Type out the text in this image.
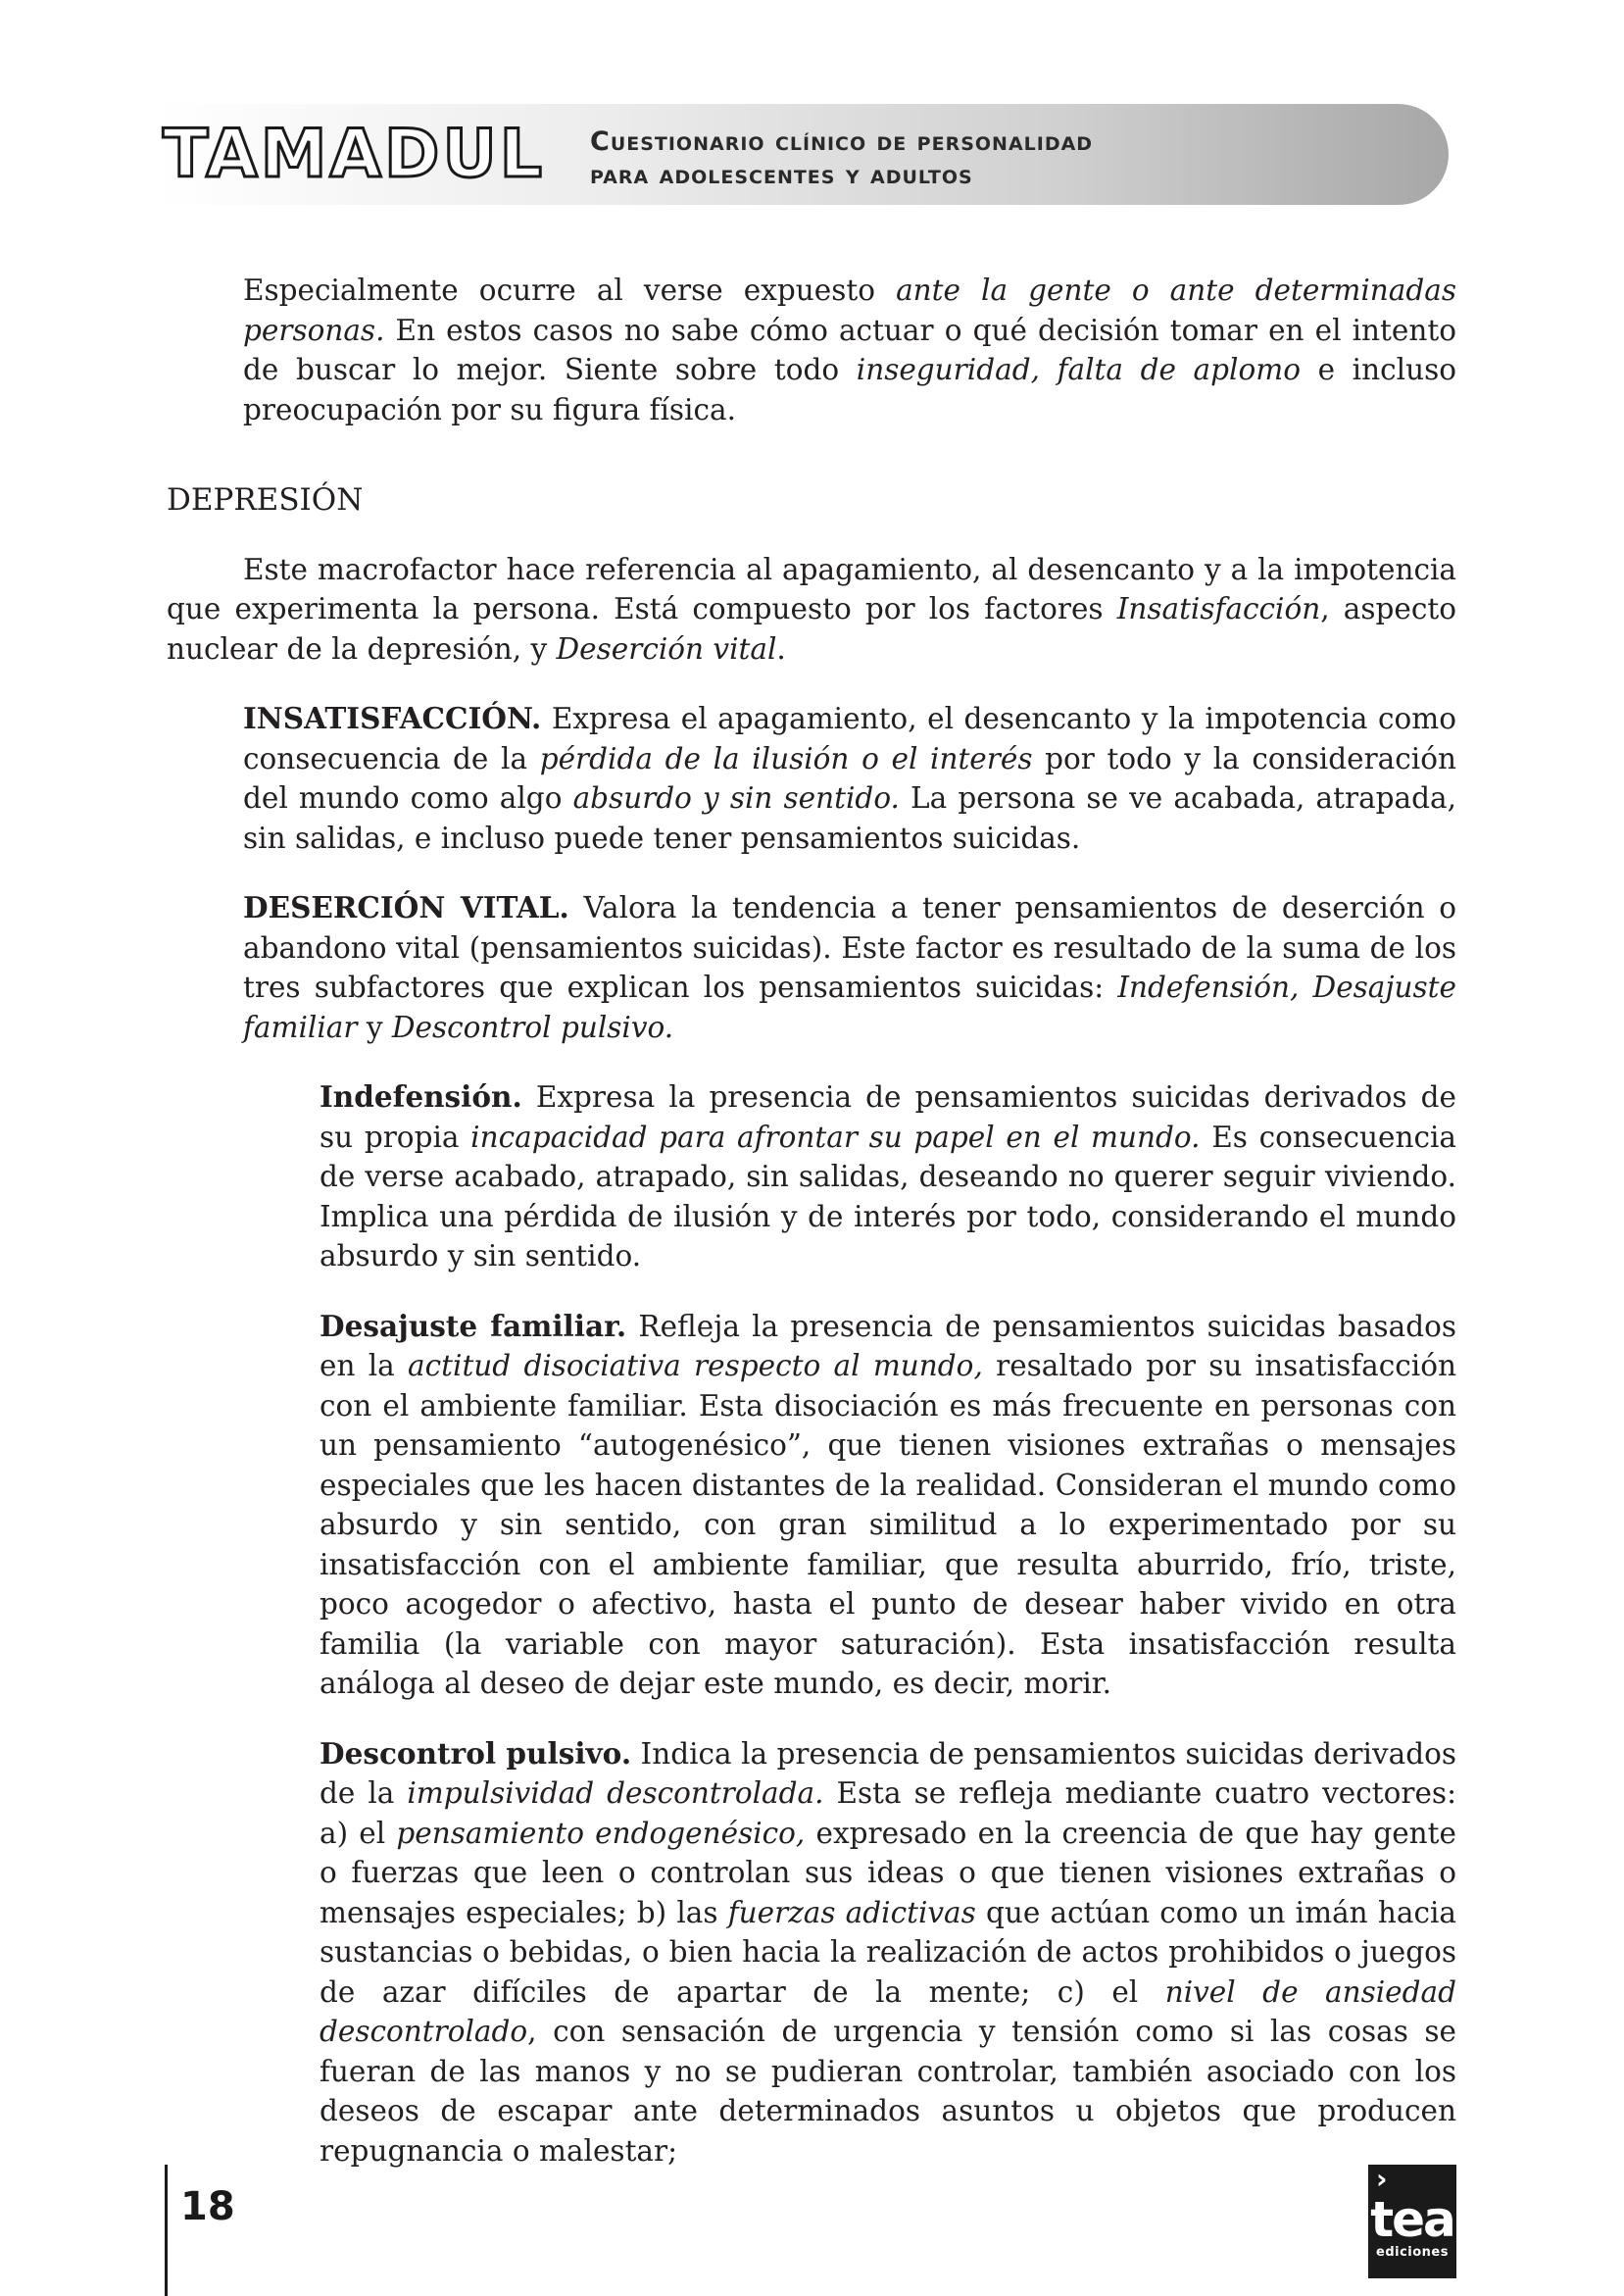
TAMADUL Cuestionario clínico de personalidad
para adolescentes y adultos

Especialmente ocurre al verse expuesto ante la gente o ante determinadas personas. En estos casos no sabe cómo actuar o qué decisión tomar en el intento de buscar lo mejor. Siente sobre todo inseguridad, falta de aplomo e incluso preocupación por su figura física.

DEPRESIÓN

Este macrofactor hace referencia al apagamiento, al desencanto y a la impotencia que experimenta la persona. Está compuesto por los factores Insatisfacción, aspecto nuclear de la depresión, y Deserción vital.

INSATISFACCIÓN. Expresa el apagamiento, el desencanto y la impotencia como consecuencia de la pérdida de la ilusión o el interés por todo y la consideración del mundo como algo absurdo y sin sentido. La persona se ve acabada, atrapada, sin salidas, e incluso puede tener pensamientos suicidas.

DESERCIÓN VITAL. Valora la tendencia a tener pensamientos de deserción o abandono vital (pensamientos suicidas). Este factor es resultado de la suma de los tres subfactores que explican los pensamientos suicidas: Indefensión, Desajuste familiar y Descontrol pulsivo.

Indefensión. Expresa la presencia de pensamientos suicidas derivados de su propia incapacidad para afrontar su papel en el mundo. Es consecuencia de verse acabado, atrapado, sin salidas, deseando no querer seguir viviendo. Implica una pérdida de ilusión y de interés por todo, considerando el mundo absurdo y sin sentido.

Desajuste familiar. Refleja la presencia de pensamientos suicidas basados en la actitud disociativa respecto al mundo, resaltado por su insatisfacción con el ambiente familiar. Esta disociación es más frecuente en personas con un pensamiento “autogenésico”, que tienen visiones extrañas o mensajes especiales que les hacen distantes de la realidad. Consideran el mundo como absurdo y sin sentido, con gran similitud a lo experimentado por su insatisfacción con el ambiente familiar, que resulta aburrido, frío, triste, poco acogedor o afectivo, hasta el punto de desear haber vivido en otra familia (la variable con mayor saturación). Esta insatisfacción resulta análoga al deseo de dejar este mundo, es decir, morir.

Descontrol pulsivo. Indica la presencia de pensamientos suicidas derivados de la impulsividad descontrolada. Esta se refleja mediante cuatro vectores: a) el pensamiento endogenésico, expresado en la creencia de que hay gente o fuerzas que leen o controlan sus ideas o que tienen visiones extrañas o mensajes especiales; b) las fuerzas adictivas que actúan como un imán hacia sustancias o bebidas, o bien hacia la realización de actos prohibidos o juegos de azar difíciles de apartar de la mente; c) el nivel de ansiedad descontrolado, con sensación de urgencia y tensión como si las cosas se fueran de las manos y no se pudieran controlar, también asociado con los deseos de escapar ante determinados asuntos u objetos que producen repugnancia o malestar;

18
›
tea
ediciones
